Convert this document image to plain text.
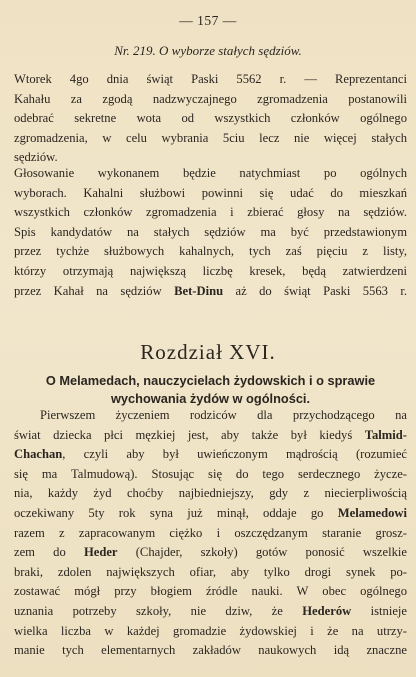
— 157 —
Nr. 219. O wyborze stałych sędziów.
Wtorek 4go dnia świąt Paski 5562 r. — Reprezentanci
Kahału za zgodą nadzwyczajnego zgromadzenia postanowili
odebrać sekretne wota od wszystkich członków ogólnego
zgromadzenia, w celu wybrania 5ciu lecz nie więcej stałych
sędziów.
Głosowanie wykonanem będzie natychmiast po ogólnych
wyborach. Kahalni służbowi powinni się udać do mieszkań
wszystkich członków zgromadzenia i zbierać głosy na sędziów.
Spis kandydatów na stałych sędziów ma być przedstawionym
przez tychże służbowych kahalnych, tych zaś pięciu z listy,
którzy otrzymają największą liczbę kresek, będą zatwierdzeni
przez Kahał na sędziów Bet-Dinu aż do świąt Paski 5563 r.
Rozdział XVI.
O Melamedach, nauczycielach żydowskich i o sprawie
wychowania żydów w ogólności.
Pierwszem życzeniem rodziców dla przychodzącego na
świat dziecka płci męzkiej jest, aby także był kiedyś Talmid-
Chachan, czyli aby był uwieńczonym mądrością (rozumieć
się ma Talmudową). Stosując się do tego serdecznego życze-
nia, każdy żyd choćby najbiedniejszy, gdy z niecierpliwością
oczekiwany 5ty rok syna już minął, oddaje go Melamedowi
razem z zapracowanym ciężko i oszczędzanym staranie grosz-
zem do Heder (Chajder, szkoły) gotów ponosić wszelkie
braki, zdolen największych ofiar, aby tylko drogi synek po-
zostawać mógł przy błogiem źródle nauki. W obec ogólnego
uznania potrzeby szkoły, nie dziw, że Hederów istnieje
wielka liczba w każdej gromadzie żydowskiej i że na utrzy-
manie tych elementarnych zakładów naukowych idą znaczne
